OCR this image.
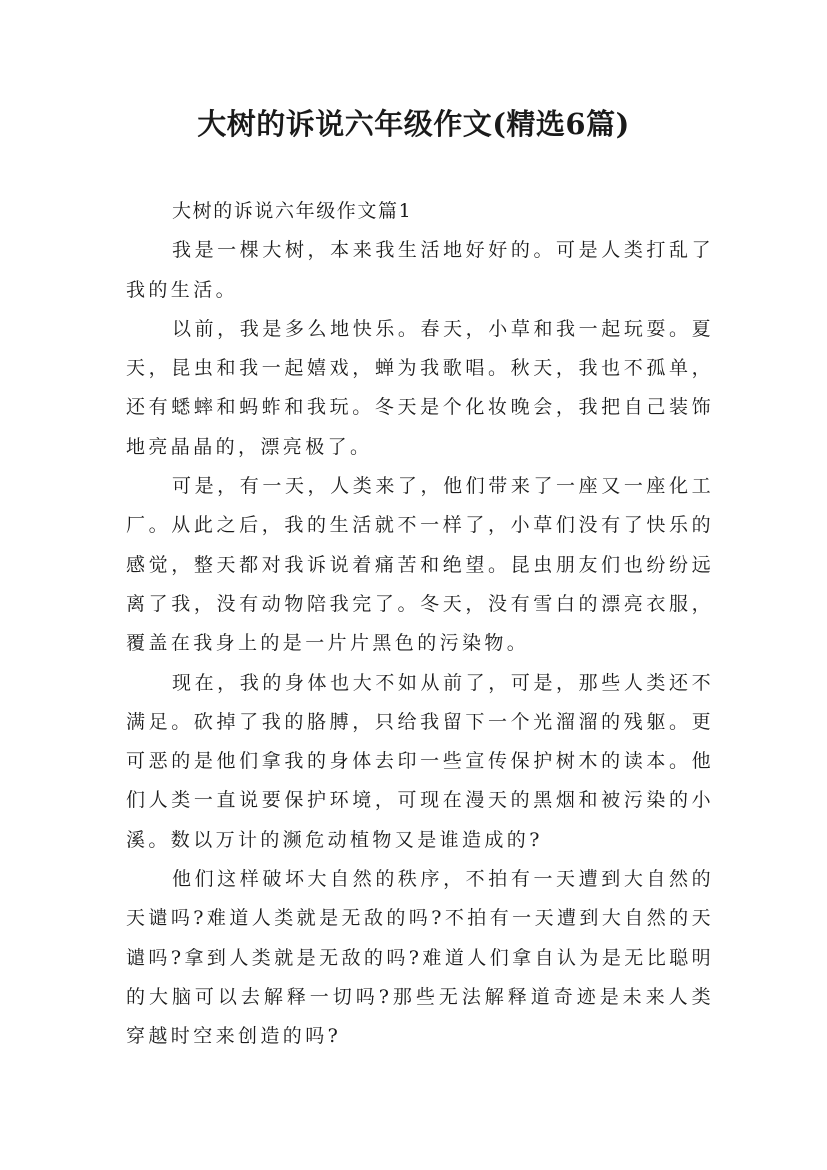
大树的诉说六年级作文(精选6篇)

大树的诉说六年级作文篇1

我是一棵大树，本来我生活地好好的。可是人类打乱了我的生活。

以前，我是多么地快乐。春天，小草和我一起玩耍。夏天，昆虫和我一起嬉戏，蝉为我歌唱。秋天，我也不孤单，还有蟋蟀和蚂蚱和我玩。冬天是个化妆晚会，我把自己装饰地亮晶晶的，漂亮极了。

可是，有一天，人类来了，他们带来了一座又一座化工厂。从此之后，我的生活就不一样了，小草们没有了快乐的感觉，整天都对我诉说着痛苦和绝望。昆虫朋友们也纷纷远离了我，没有动物陪我完了。冬天，没有雪白的漂亮衣服，覆盖在我身上的是一片片黑色的污染物。

现在，我的身体也大不如从前了，可是，那些人类还不满足。砍掉了我的胳膊，只给我留下一个光溜溜的残躯。更可恶的是他们拿我的身体去印一些宣传保护树木的读本。他们人类一直说要保护环境，可现在漫天的黑烟和被污染的小溪。数以万计的濒危动植物又是谁造成的?

他们这样破坏大自然的秩序，不拍有一天遭到大自然的天谴吗?难道人类就是无敌的吗?不拍有一天遭到大自然的天谴吗?拿到人类就是无敌的吗?难道人们拿自认为是无比聪明的大脑可以去解释一切吗?那些无法解释道奇迹是未来人类穿越时空来创造的吗?
